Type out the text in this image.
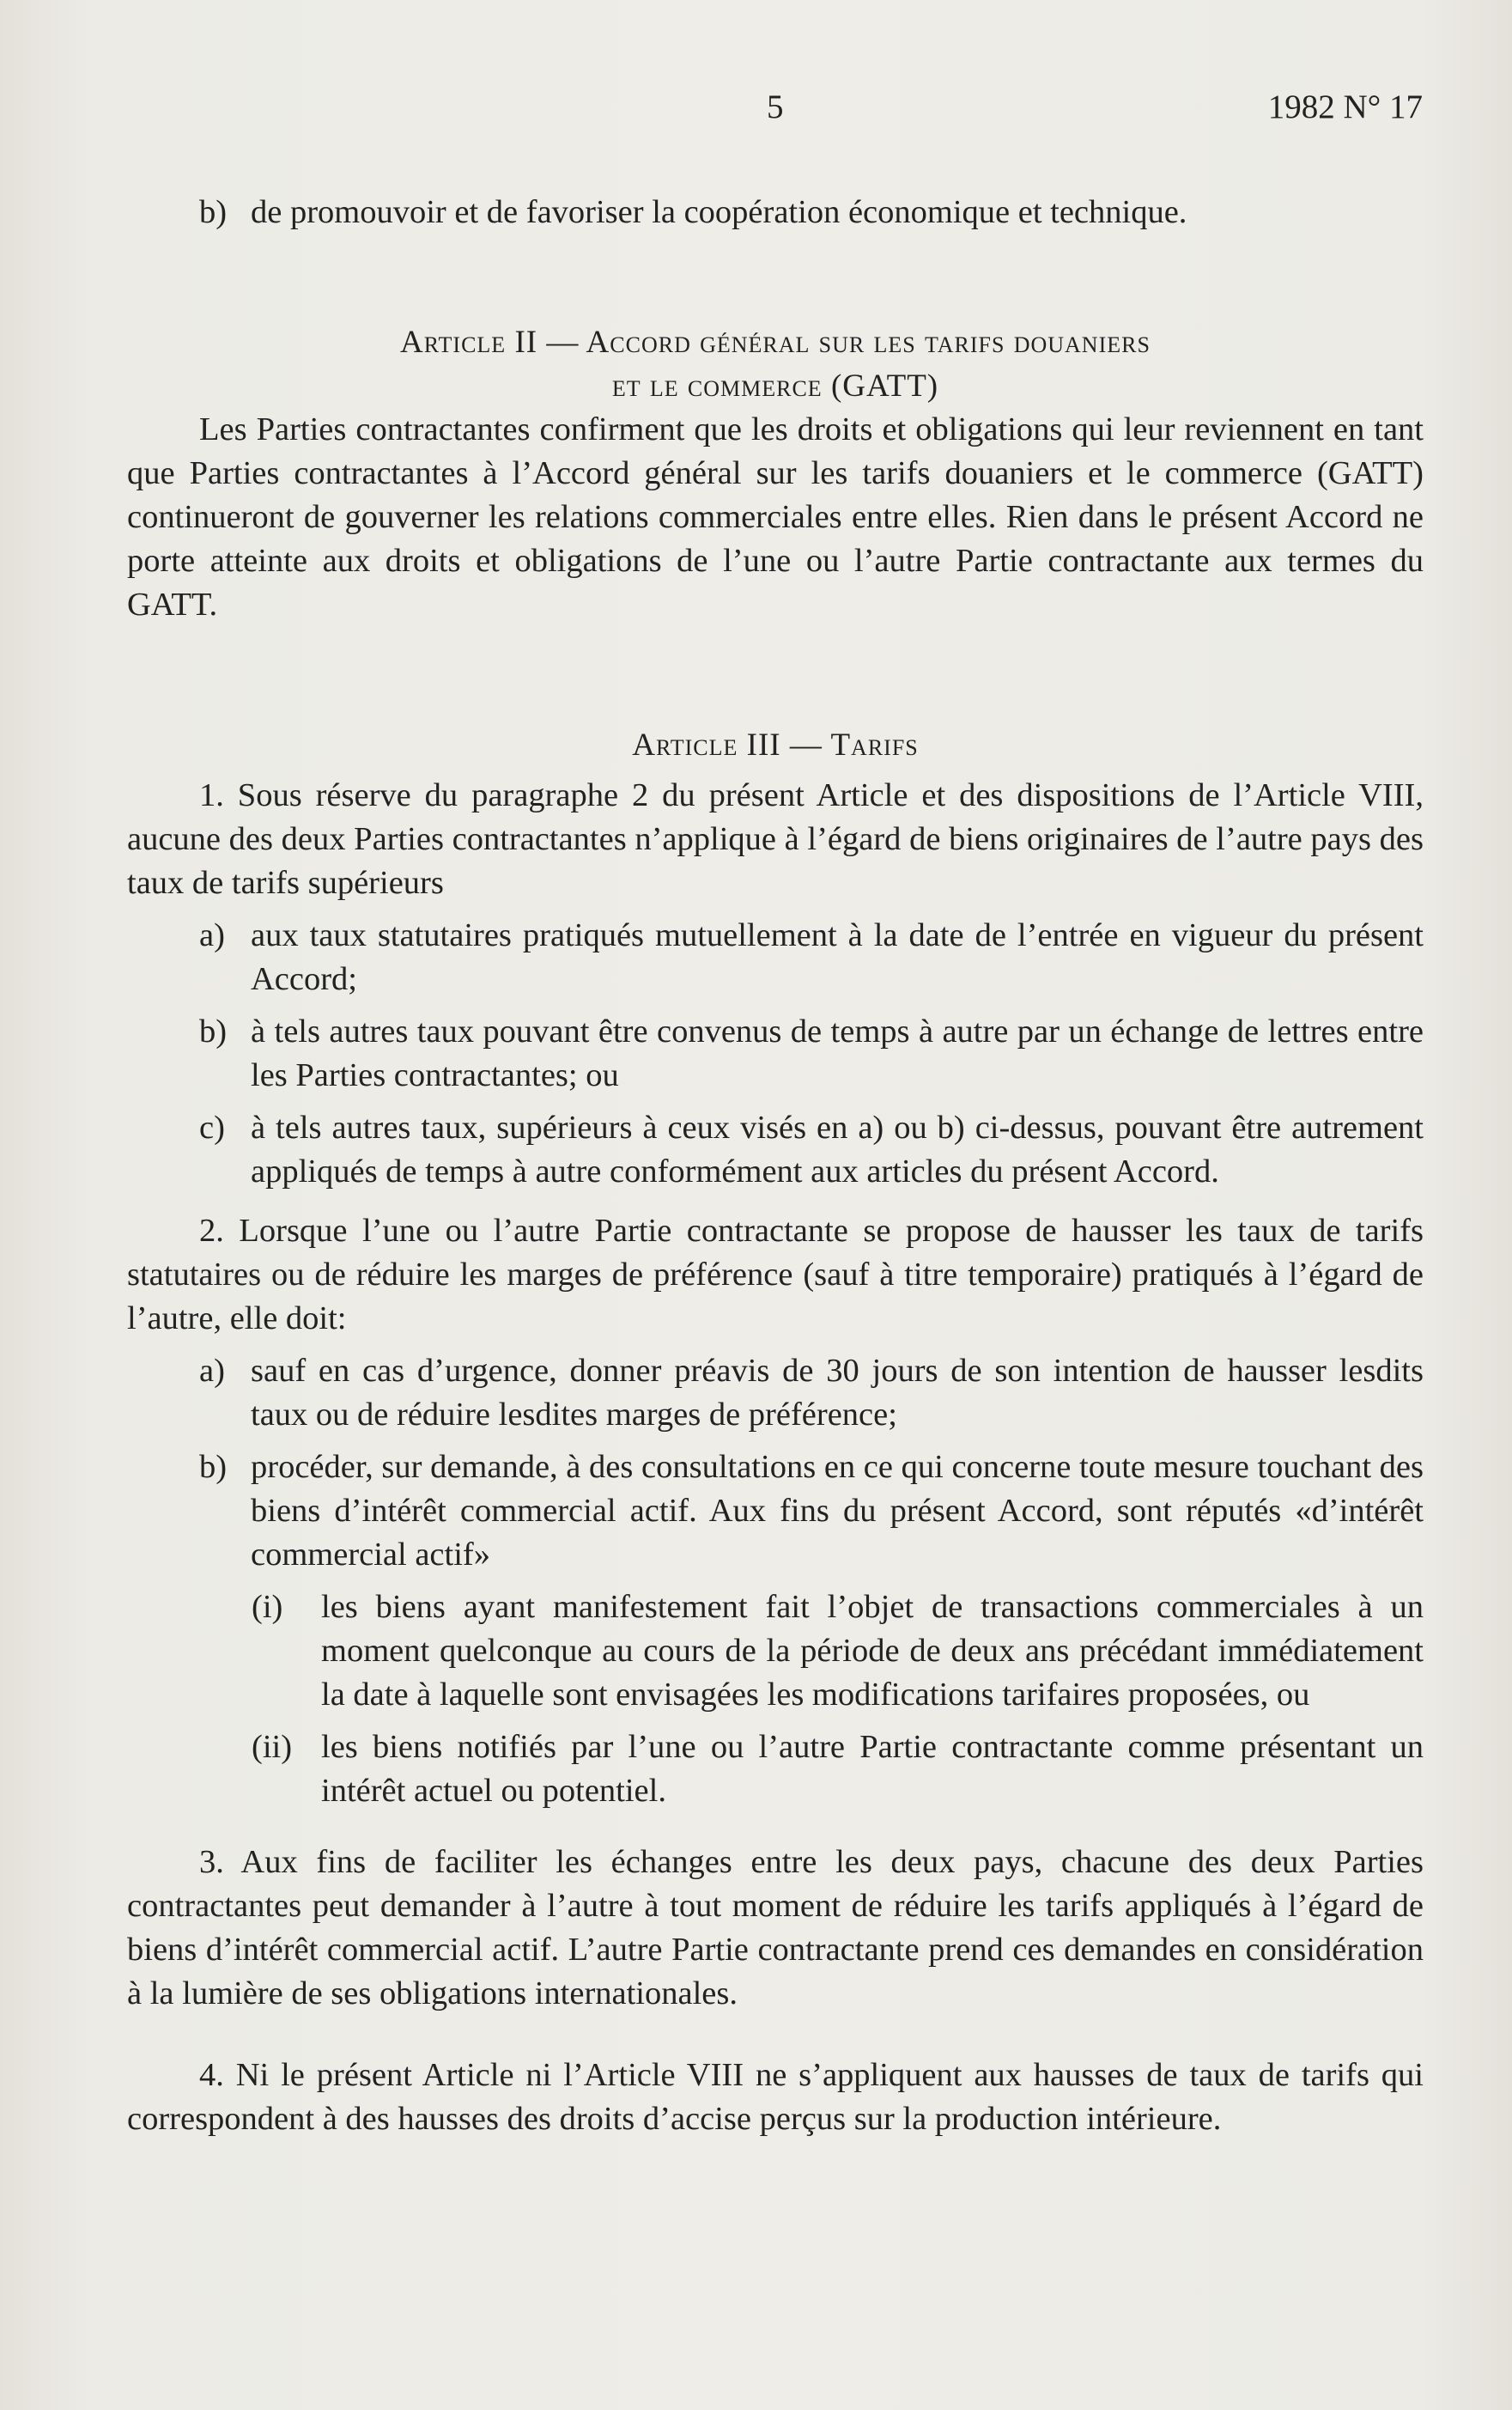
5	1982 N° 17
b) de promouvoir et de favoriser la coopération économique et technique.
Article II — Accord général sur les tarifs douaniers
et le commerce (GATT)

Les Parties contractantes confirment que les droits et obligations qui leur reviennent en tant que Parties contractantes à l’Accord général sur les tarifs douaniers et le commerce (GATT) continueront de gouverner les relations commerciales entre elles. Rien dans le présent Accord ne porte atteinte aux droits et obligations de l’une ou l’autre Partie contractante aux termes du GATT.

Article III — Tarifs

1. Sous réserve du paragraphe 2 du présent Article et des dispositions de l’Article VIII, aucune des deux Parties contractantes n’applique à l’égard de biens originaires de l’autre pays des taux de tarifs supérieurs

a) aux taux statutaires pratiqués mutuellement à la date de l’entrée en vigueur du présent Accord;
b) à tels autres taux pouvant être convenus de temps à autre par un échange de lettres entre les Parties contractantes; ou
c) à tels autres taux, supérieurs à ceux visés en a) ou b) ci-dessus, pouvant être autrement appliqués de temps à autre conformément aux articles du présent Accord.

2. Lorsque l’une ou l’autre Partie contractante se propose de hausser les taux de tarifs statutaires ou de réduire les marges de préférence (sauf à titre temporaire) pratiqués à l’égard de l’autre, elle doit:

a) sauf en cas d’urgence, donner préavis de 30 jours de son intention de hausser lesdits taux ou de réduire lesdites marges de préférence;
b) procéder, sur demande, à des consultations en ce qui concerne toute mesure touchant des biens d’intérêt commercial actif. Aux fins du présent Accord, sont réputés «d’intérêt commercial actif»
(i) les biens ayant manifestement fait l’objet de transactions commerciales à un moment quelconque au cours de la période de deux ans précédant immédiatement la date à laquelle sont envisagées les modifications tarifaires proposées, ou
(ii) les biens notifiés par l’une ou l’autre Partie contractante comme présentant un intérêt actuel ou potentiel.

3. Aux fins de faciliter les échanges entre les deux pays, chacune des deux Parties contractantes peut demander à l’autre à tout moment de réduire les tarifs appliqués à l’égard de biens d’intérêt commercial actif. L’autre Partie contractante prend ces demandes en considération à la lumière de ses obligations internationales.

4. Ni le présent Article ni l’Article VIII ne s’appliquent aux hausses de taux de tarifs qui correspondent à des hausses des droits d’accise perçus sur la production intérieure.
